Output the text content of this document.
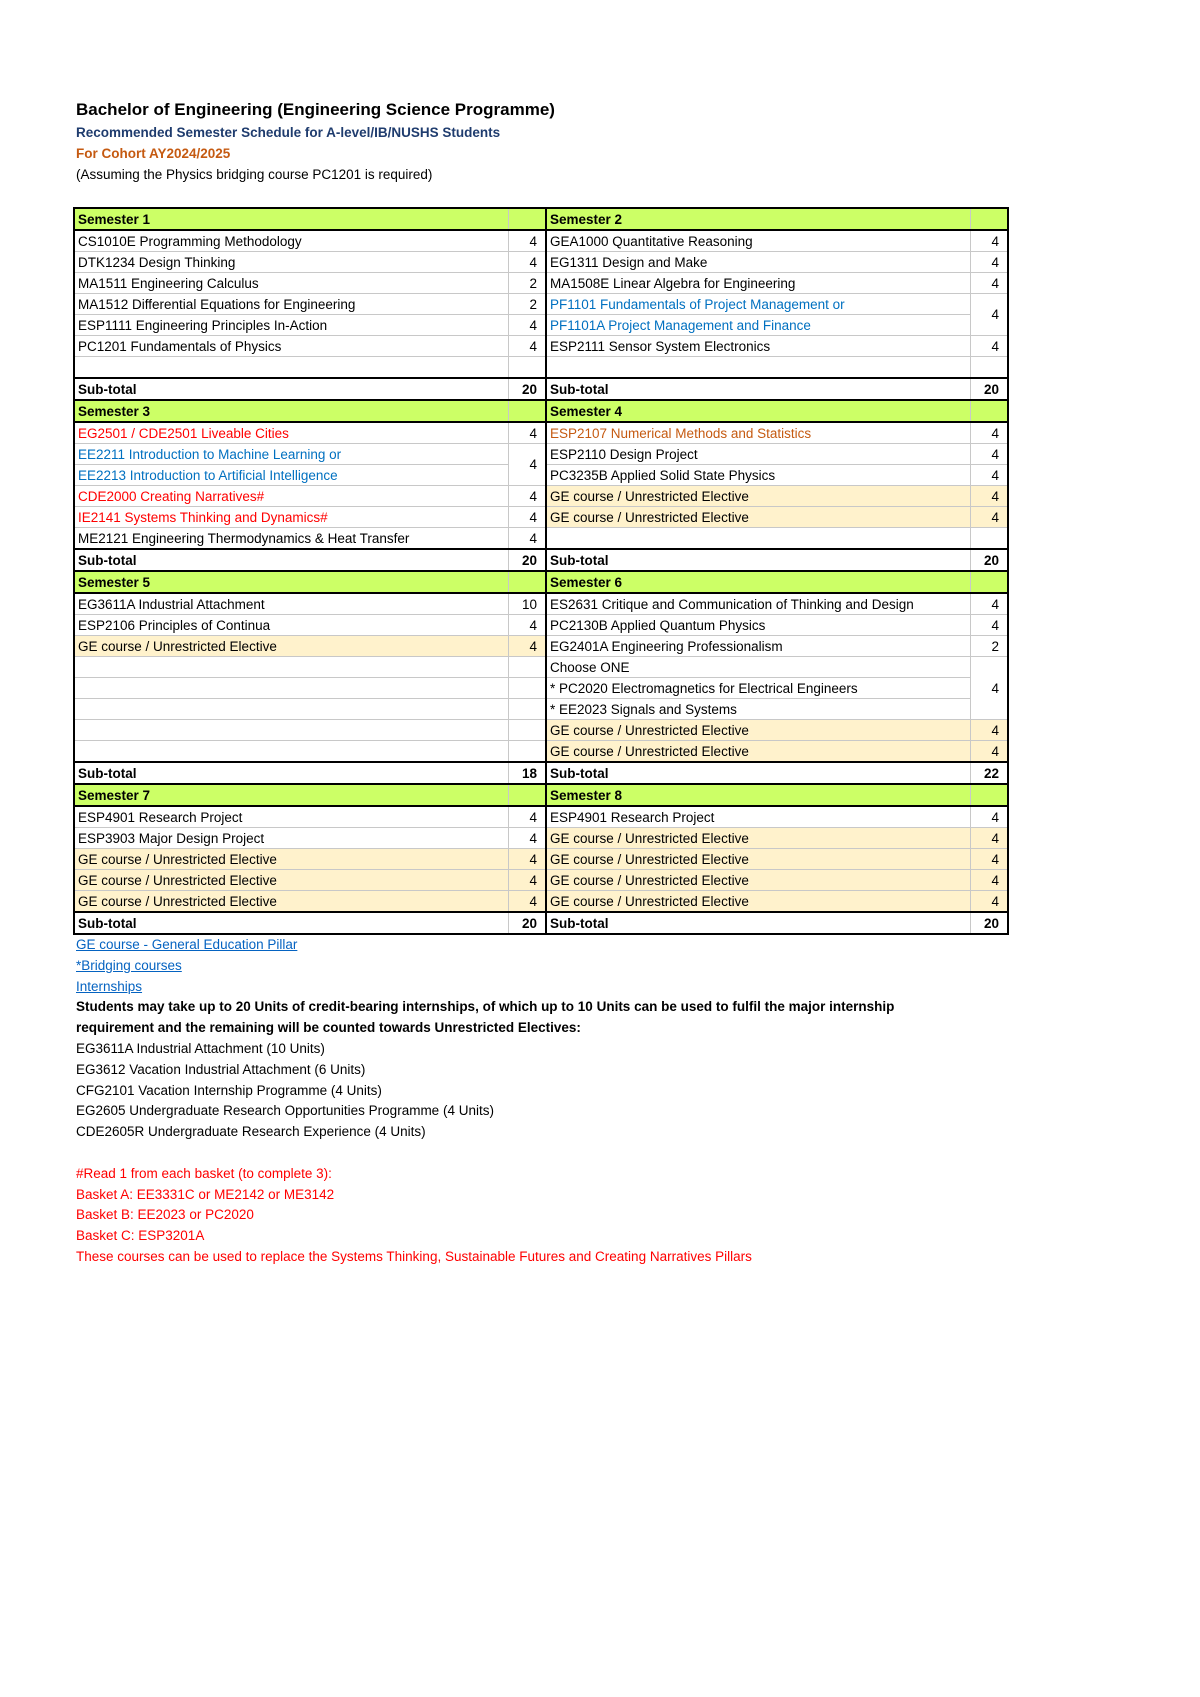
Bachelor of Engineering (Engineering Science Programme)
Recommended Semester Schedule for A-level/IB/NUSHS Students
For Cohort AY2024/2025
(Assuming the Physics bridging course PC1201 is required)
Semester 1		Semester 2	
CS1010E Programming Methodology	4	GEA1000 Quantitative Reasoning	4
DTK1234 Design Thinking	4	EG1311 Design and Make	4
MA1511 Engineering Calculus	2	MA1508E Linear Algebra for Engineering	4
MA1512 Differential Equations for Engineering	2	PF1101 Fundamentals of Project Management or	4
ESP1111 Engineering Principles In-Action	4	PF1101A Project Management and Finance	
PC1201 Fundamentals of Physics	4	ESP2111 Sensor System Electronics	4

Sub-total	20	Sub-total	20
Semester 3		Semester 4	
EG2501 / CDE2501 Liveable Cities	4	ESP2107 Numerical Methods and Statistics	4
EE2211 Introduction to Machine Learning or	4	ESP2110 Design Project	4
EE2213 Introduction to Artificial Intelligence		PC3235B Applied Solid State Physics	4
CDE2000 Creating Narratives#	4	GE course / Unrestricted Elective	4
IE2141 Systems Thinking and Dynamics#	4	GE course / Unrestricted Elective	4
ME2121 Engineering Thermodynamics & Heat Transfer	4		
Sub-total	20	Sub-total	20
Semester 5		Semester 6	
EG3611A Industrial Attachment	10	ES2631 Critique and Communication of Thinking and Design	4
ESP2106 Principles of Continua	4	PC2130B Applied Quantum Physics	4
GE course / Unrestricted Elective	4	EG2401A Engineering Professionalism	2
		Choose ONE	4
		* PC2020 Electromagnetics for Electrical Engineers	
		* EE2023 Signals and Systems	
		GE course / Unrestricted Elective	4
		GE course / Unrestricted Elective	4
Sub-total	18	Sub-total	22
Semester 7		Semester 8	
ESP4901 Research Project	4	ESP4901 Research Project	4
ESP3903 Major Design Project	4	GE course / Unrestricted Elective	4
GE course / Unrestricted Elective	4	GE course / Unrestricted Elective	4
GE course / Unrestricted Elective	4	GE course / Unrestricted Elective	4
GE course / Unrestricted Elective	4	GE course / Unrestricted Elective	4
Sub-total	20	Sub-total	20
GE course - General Education Pillar
*Bridging courses
Internships
Students may take up to 20 Units of credit-bearing internships, of which up to 10 Units can be used to fulfil the major internship
requirement and the remaining will be counted towards Unrestricted Electives:
EG3611A Industrial Attachment (10 Units)
EG3612 Vacation Industrial Attachment (6 Units)
CFG2101 Vacation Internship Programme (4 Units)
EG2605 Undergraduate Research Opportunities Programme (4 Units)
CDE2605R Undergraduate Research Experience (4 Units)
#Read 1 from each basket (to complete 3):
Basket A: EE3331C or ME2142 or ME3142
Basket B: EE2023 or PC2020
Basket C: ESP3201A
These courses can be used to replace the Systems Thinking, Sustainable Futures and Creating Narratives Pillars
